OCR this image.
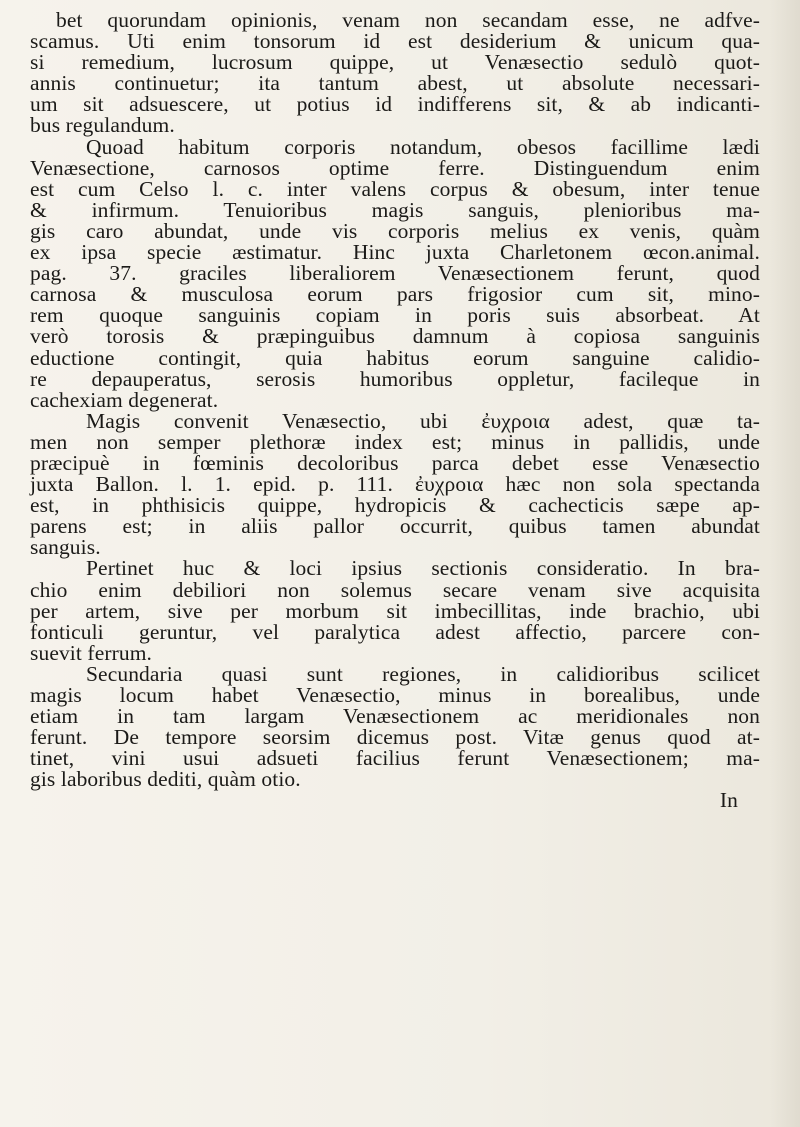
bet quorundam opinionis, venam non secandam esse, ne adfve-
scamus. Uti enim tonsorum id est desiderium & unicum qua-
si remedium, lucrosum quippe, ut Venæsectio sedulò quot-
annis continuetur; ita tantum abest, ut absolute necessari-
um sit adsuescere, ut potius id indifferens sit, & ab indicanti-
bus regulandum.
Quoad habitum corporis notandum, obesos facillime lædi
Venæsectione, carnosos optime ferre. Distinguendum enim
est cum Celso l. c. inter valens corpus & obesum, inter tenue
& infirmum. Tenuioribus magis sanguis, plenioribus ma-
gis caro abundat, unde vis corporis melius ex venis, quàm
ex ipsa specie æstimatur. Hinc juxta Charletonem œcon.animal.
pag. 37. graciles liberaliorem Venæsectionem ferunt, quod
carnosa & musculosa eorum pars frigosior cum sit, mino-
rem quoque sanguinis copiam in poris suis absorbeat. At
verò torosis & præpinguibus damnum à copiosa sanguinis
eductione contingit, quia habitus eorum sanguine calidio-
re depauperatus, serosis humoribus oppletur, facileque in
cachexiam degenerat.
Magis convenit Venæsectio, ubi ἐυχροια adest, quæ ta-
men non semper plethoræ index est; minus in pallidis, unde
præcipuè in fœminis decoloribus parca debet esse Venæsectio
juxta Ballon. l. 1. epid. p. 111. ἐυχροια hæc non sola spectanda
est, in phthisicis quippe, hydropicis & cachecticis sæpe ap-
parens est; in aliis pallor occurrit, quibus tamen abundat
sanguis.
Pertinet huc & loci ipsius sectionis consideratio. In bra-
chio enim debiliori non solemus secare venam sive acquisita
per artem, sive per morbum sit imbecillitas, inde brachio, ubi
fonticuli geruntur, vel paralytica adest affectio, parcere con-
suevit ferrum.
Secundaria quasi sunt regiones, in calidioribus scilicet
magis locum habet Venæsectio, minus in borealibus, unde
etiam in tam largam Venæsectionem ac meridionales non
ferunt. De tempore seorsim dicemus post. Vitæ genus quod at-
tinet, vini usui adsueti facilius ferunt Venæsectionem; ma-
gis laboribus dediti, quàm otio.
In
